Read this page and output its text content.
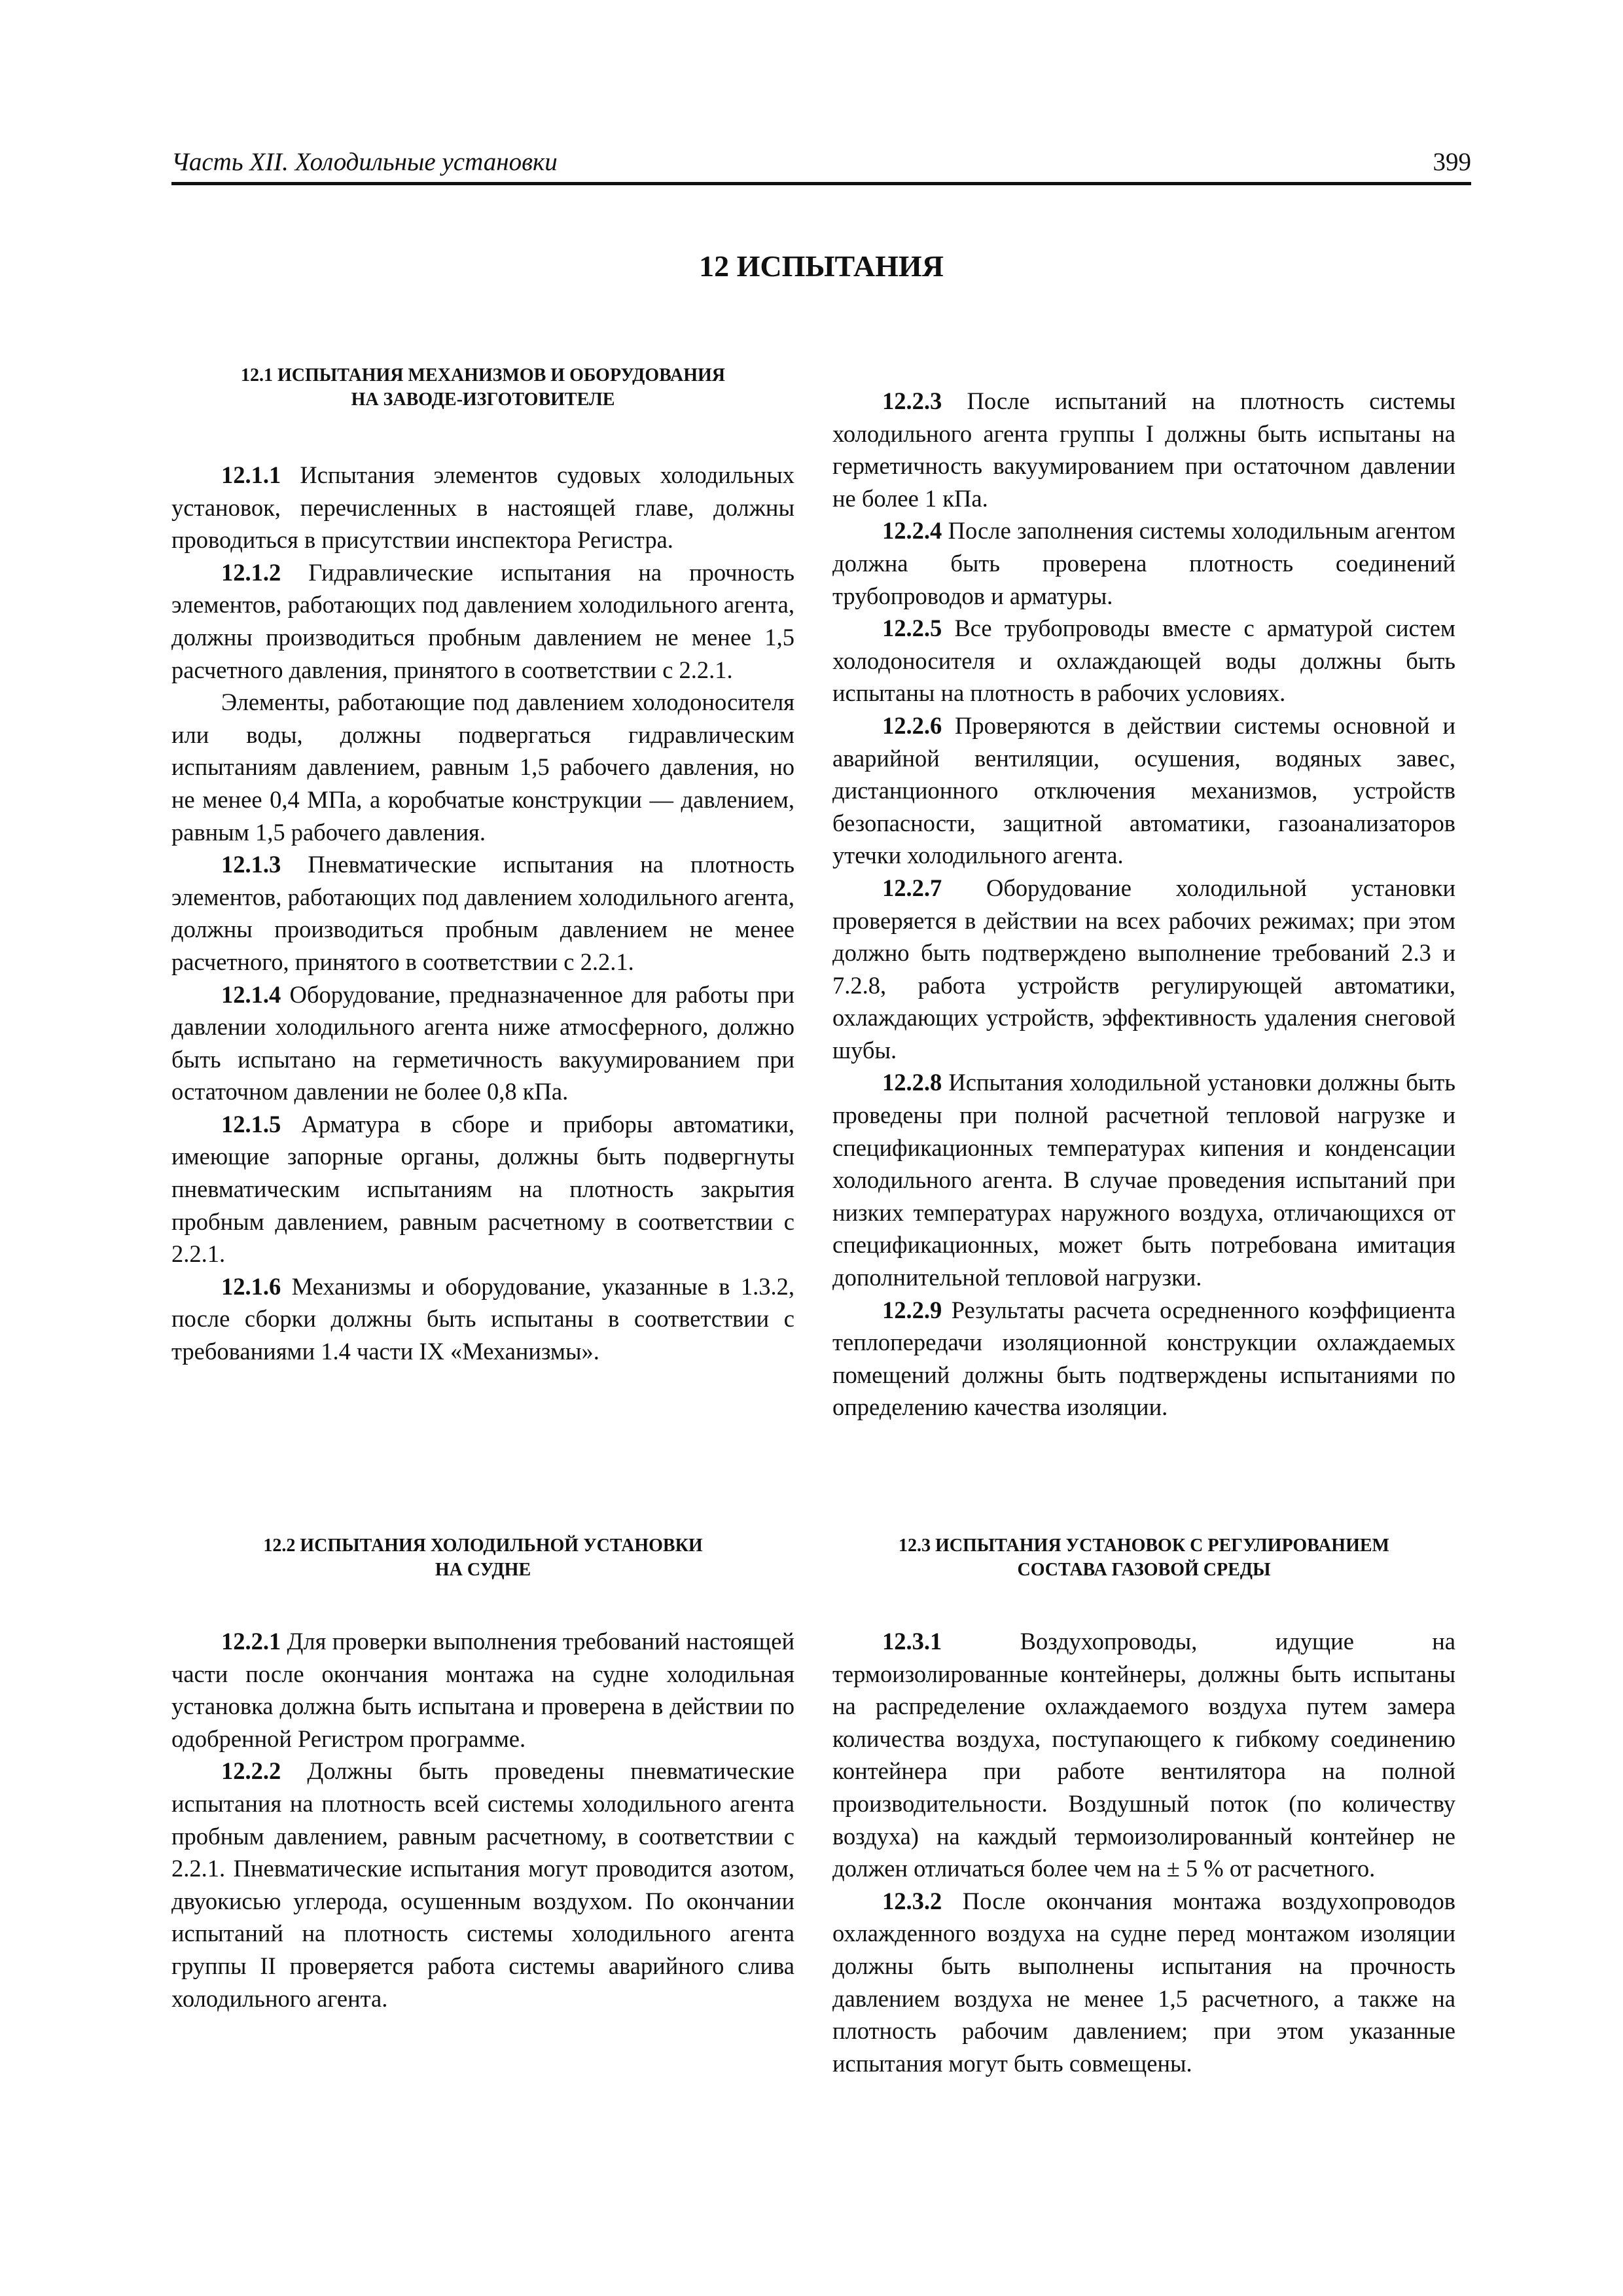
Часть XII. Холодильные установки	399
12 ИСПЫТАНИЯ
12.1 ИСПЫТАНИЯ МЕХАНИЗМОВ И ОБОРУДОВАНИЯ
НА ЗАВОДЕ-ИЗГОТОВИТЕЛЕ

12.1.1 Испытания элементов судовых холодильных установок, перечисленных в настоящей главе, должны проводиться в присутствии инспектора Регистра.

12.1.2 Гидравлические испытания на прочность элементов, работающих под давлением холодильного агента, должны производиться пробным давлением не менее 1,5 расчетного давления, принятого в соответствии с 2.2.1.

Элементы, работающие под давлением холодоносителя или воды, должны подвергаться гидравлическим испытаниям давлением, равным 1,5 рабочего давления, но не менее 0,4 МПа, а коробчатые конструкции — давлением, равным 1,5 рабочего давления.

12.1.3 Пневматические испытания на плотность элементов, работающих под давлением холодильного агента, должны производиться пробным давлением не менее расчетного, принятого в соответствии с 2.2.1.

12.1.4 Оборудование, предназначенное для работы при давлении холодильного агента ниже атмосферного, должно быть испытано на герметичность вакуумированием при остаточном давлении не более 0,8 кПа.

12.1.5 Арматура в сборе и приборы автоматики, имеющие запорные органы, должны быть подвергнуты пневматическим испытаниям на плотность закрытия пробным давлением, равным расчетному в соответствии с 2.2.1.

12.1.6 Механизмы и оборудование, указанные в 1.3.2, после сборки должны быть испытаны в соответствии с требованиями 1.4 части IX «Механизмы».

12.2 ИСПЫТАНИЯ ХОЛОДИЛЬНОЙ УСТАНОВКИ
НА СУДНЕ

12.2.1 Для проверки выполнения требований настоящей части после окончания монтажа на судне холодильная установка должна быть испытана и проверена в действии по одобренной Регистром программе.

12.2.2 Должны быть проведены пневматические испытания на плотность всей системы холодильного агента пробным давлением, равным расчетному, в соответствии с 2.2.1. Пневматические испытания могут проводится азотом, двуокисью углерода, осушенным воздухом. По окончании испытаний на плотность системы холодильного агента группы II проверяется работа системы аварийного слива холодильного агента.

12.2.3 После испытаний на плотность системы холодильного агента группы I должны быть испытаны на герметичность вакуумированием при остаточном давлении не более 1 кПа.

12.2.4 После заполнения системы холодильным агентом должна быть проверена плотность соединений трубопроводов и арматуры.

12.2.5 Все трубопроводы вместе с арматурой систем холодоносителя и охлаждающей воды должны быть испытаны на плотность в рабочих условиях.

12.2.6 Проверяются в действии системы основной и аварийной вентиляции, осушения, водяных завес, дистанционного отключения механизмов, устройств безопасности, защитной автоматики, газоанализаторов утечки холодильного агента.

12.2.7 Оборудование холодильной установки проверяется в действии на всех рабочих режимах; при этом должно быть подтверждено выполнение требований 2.3 и 7.2.8, работа устройств регулирующей автоматики, охлаждающих устройств, эффективность удаления снеговой шубы.

12.2.8 Испытания холодильной установки должны быть проведены при полной расчетной тепловой нагрузке и спецификационных температурах кипения и конденсации холодильного агента. В случае проведения испытаний при низких температурах наружного воздуха, отличающихся от спецификационных, может быть потребована имитация дополнительной тепловой нагрузки.

12.2.9 Результаты расчета осредненного коэффициента теплопередачи изоляционной конструкции охлаждаемых помещений должны быть подтверждены испытаниями по определению качества изоляции.

12.3 ИСПЫТАНИЯ УСТАНОВОК С РЕГУЛИРОВАНИЕМ
СОСТАВА ГАЗОВОЙ СРЕДЫ

12.3.1 Воздухопроводы, идущие на термоизолированные контейнеры, должны быть испытаны на распределение охлаждаемого воздуха путем замера количества воздуха, поступающего к гибкому соединению контейнера при работе вентилятора на полной производительности. Воздушный поток (по количеству воздуха) на каждый термоизолированный контейнер не должен отличаться более чем на ± 5 % от расчетного.

12.3.2 После окончания монтажа воздухопроводов охлажденного воздуха на судне перед монтажом изоляции должны быть выполнены испытания на прочность давлением воздуха не менее 1,5 расчетного, а также на плотность рабочим давлением; при этом указанные испытания могут быть совмещены.
